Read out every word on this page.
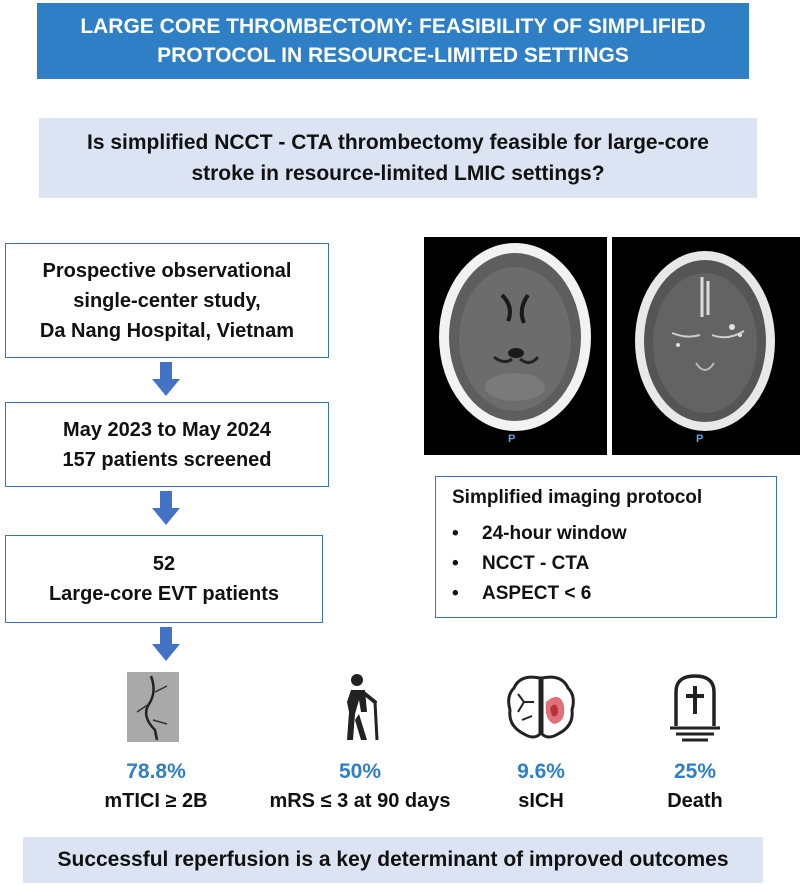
LARGE CORE THROMBECTOMY: FEASIBILITY OF SIMPLIFIED
PROTOCOL IN RESOURCE-LIMITED SETTINGS
Is simplified NCCT - CTA thrombectomy feasible for large-core
stroke in resource-limited LMIC settings?
Prospective observational
single-center study,
Da Nang Hospital, Vietnam
May 2023 to May 2024
157 patients screened
52
Large-core EVT patients
P	P
Simplified imaging protocol
•	24-hour window
•	NCCT - CTA
•	ASPECT < 6
78.8%
mTICI ≥ 2B
50%
mRS ≤ 3 at 90 days
9.6%
sICH
25%
Death
Successful reperfusion is a key determinant of improved outcomes
